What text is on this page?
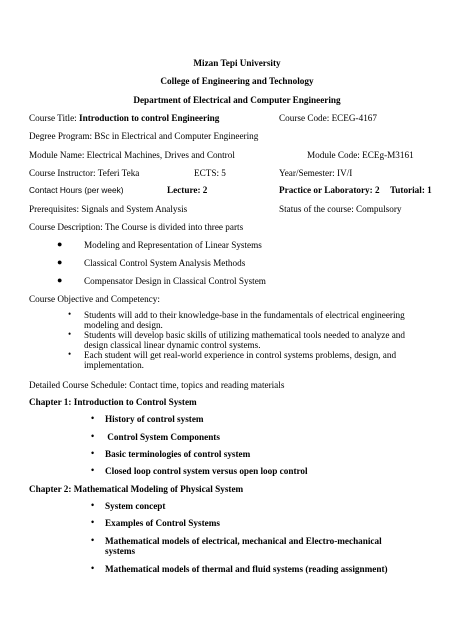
Mizan Tepi University
College of Engineering and Technology
Department of Electrical and Computer Engineering
Course Title: Introduction to control Engineering	Course Code: ECEG-4167
Degree Program: BSc in Electrical and Computer Engineering
Module Name: Electrical Machines, Drives and Control	Module Code: ECEg-M3161
Course Instructor: Teferi Teka	ECTS: 5	Year/Semester: IV/I
Contact Hours (per week)	Lecture: 2	Practice or Laboratory: 2 Tutorial: 1
Prerequisites: Signals and System Analysis	Status of the course: Compulsory
Course Description: The Course is divided into three parts
● Modeling and Representation of Linear Systems
● Classical Control System Analysis Methods
● Compensator Design in Classical Control System
Course Objective and Competency:
• Students will add to their knowledge-base in the fundamentals of electrical engineering modeling and design.
• Students will develop basic skills of utilizing mathematical tools needed to analyze and design classical linear dynamic control systems.
• Each student will get real-world experience in control systems problems, design, and implementation.
Detailed Course Schedule: Contact time, topics and reading materials
Chapter 1: Introduction to Control System
• History of control system
• Control System Components
• Basic terminologies of control system
• Closed loop control system versus open loop control
Chapter 2: Mathematical Modeling of Physical System
• System concept
• Examples of Control Systems
• Mathematical models of electrical, mechanical and Electro-mechanical systems
• Mathematical models of thermal and fluid systems (reading assignment)
